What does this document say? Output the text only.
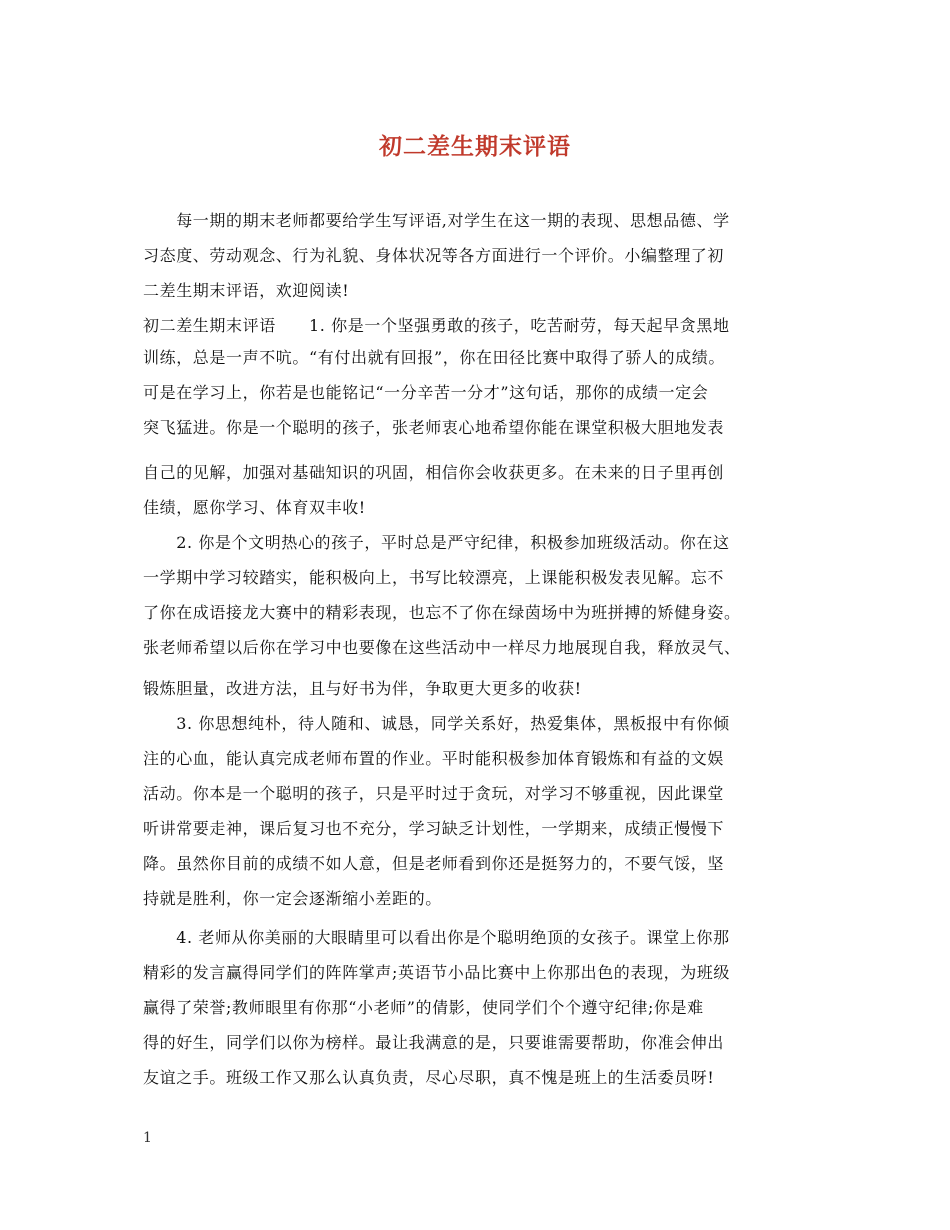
初二差生期末评语
　　每一期的期末老师都要给学生写评语,对学生在这一期的表现、思想品德、学
习态度、劳动观念、行为礼貌、身体状况等各方面进行一个评价。小编整理了初
二差生期末评语，欢迎阅读!
初二差生期末评语　　1. 你是一个坚强勇敢的孩子，吃苦耐劳，每天起早贪黑地
训练，总是一声不吭。“有付出就有回报”，你在田径比赛中取得了骄人的成绩。
可是在学习上，你若是也能铭记“一分辛苦一分才”这句话，那你的成绩一定会
突飞猛进。你是一个聪明的孩子，张老师衷心地希望你能在课堂积极大胆地发表
自己的见解，加强对基础知识的巩固，相信你会收获更多。在未来的日子里再创
佳绩，愿你学习、体育双丰收!
　　2. 你是个文明热心的孩子，平时总是严守纪律，积极参加班级活动。你在这
一学期中学习较踏实，能积极向上，书写比较漂亮，上课能积极发表见解。忘不
了你在成语接龙大赛中的精彩表现，也忘不了你在绿茵场中为班拼搏的矫健身姿。
张老师希望以后你在学习中也要像在这些活动中一样尽力地展现自我，释放灵气、
锻炼胆量，改进方法，且与好书为伴，争取更大更多的收获!
　　3. 你思想纯朴，待人随和、诚恳，同学关系好，热爱集体，黑板报中有你倾
注的心血，能认真完成老师布置的作业。平时能积极参加体育锻炼和有益的文娱
活动。你本是一个聪明的孩子，只是平时过于贪玩，对学习不够重视，因此课堂
听讲常要走神，课后复习也不充分，学习缺乏计划性，一学期来，成绩正慢慢下
降。虽然你目前的成绩不如人意，但是老师看到你还是挺努力的，不要气馁，坚
持就是胜利，你一定会逐渐缩小差距的。
　　4. 老师从你美丽的大眼睛里可以看出你是个聪明绝顶的女孩子。课堂上你那
精彩的发言赢得同学们的阵阵掌声;英语节小品比赛中上你那出色的表现，为班级
赢得了荣誉;教师眼里有你那“小老师”的倩影，使同学们个个遵守纪律;你是难
得的好生，同学们以你为榜样。最让我满意的是，只要谁需要帮助，你准会伸出
友谊之手。班级工作又那么认真负责，尽心尽职，真不愧是班上的生活委员呀!
1
